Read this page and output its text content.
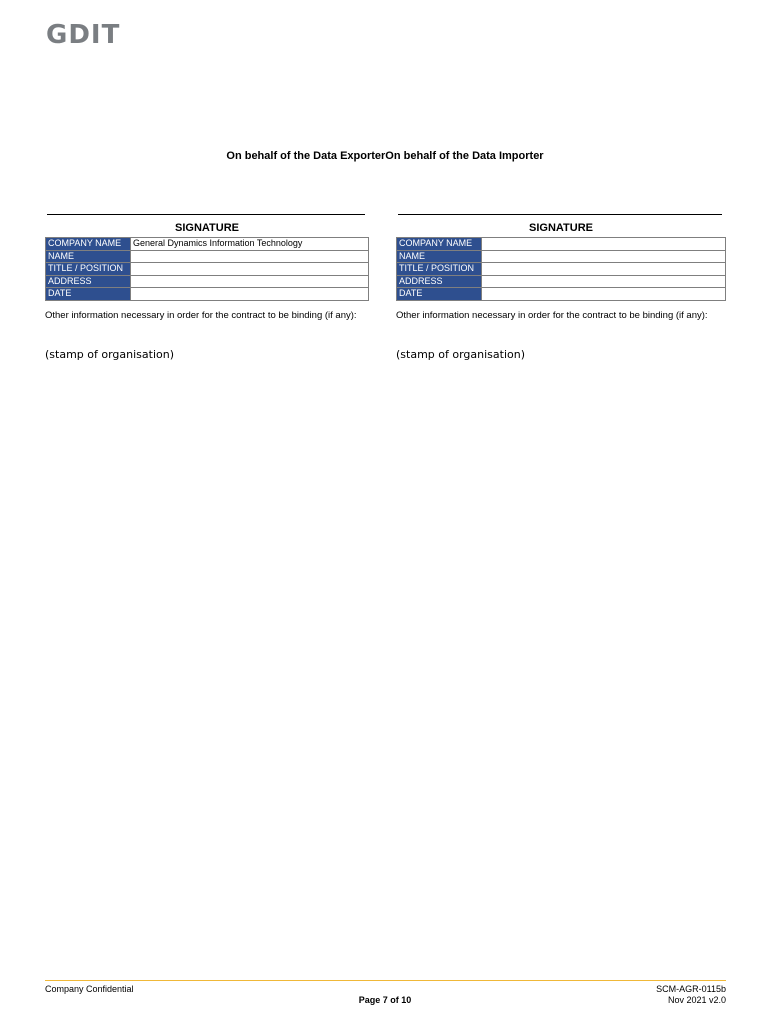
GDIT
On behalf of the Data ExporterOn behalf of the Data Importer
SIGNATURE
COMPANY NAME	General Dynamics Information Technology
NAME	
TITLE / POSITION	
ADDRESS	
DATE	
Other information necessary in order for the contract to be binding (if any):
(stamp of organisation)
SIGNATURE
COMPANY NAME	
NAME	
TITLE / POSITION	
ADDRESS	
DATE	
Other information necessary in order for the contract to be binding (if any):
(stamp of organisation)
Company Confidential
Page 7 of 10
SCM-AGR-0115b
Nov 2021 v2.0
